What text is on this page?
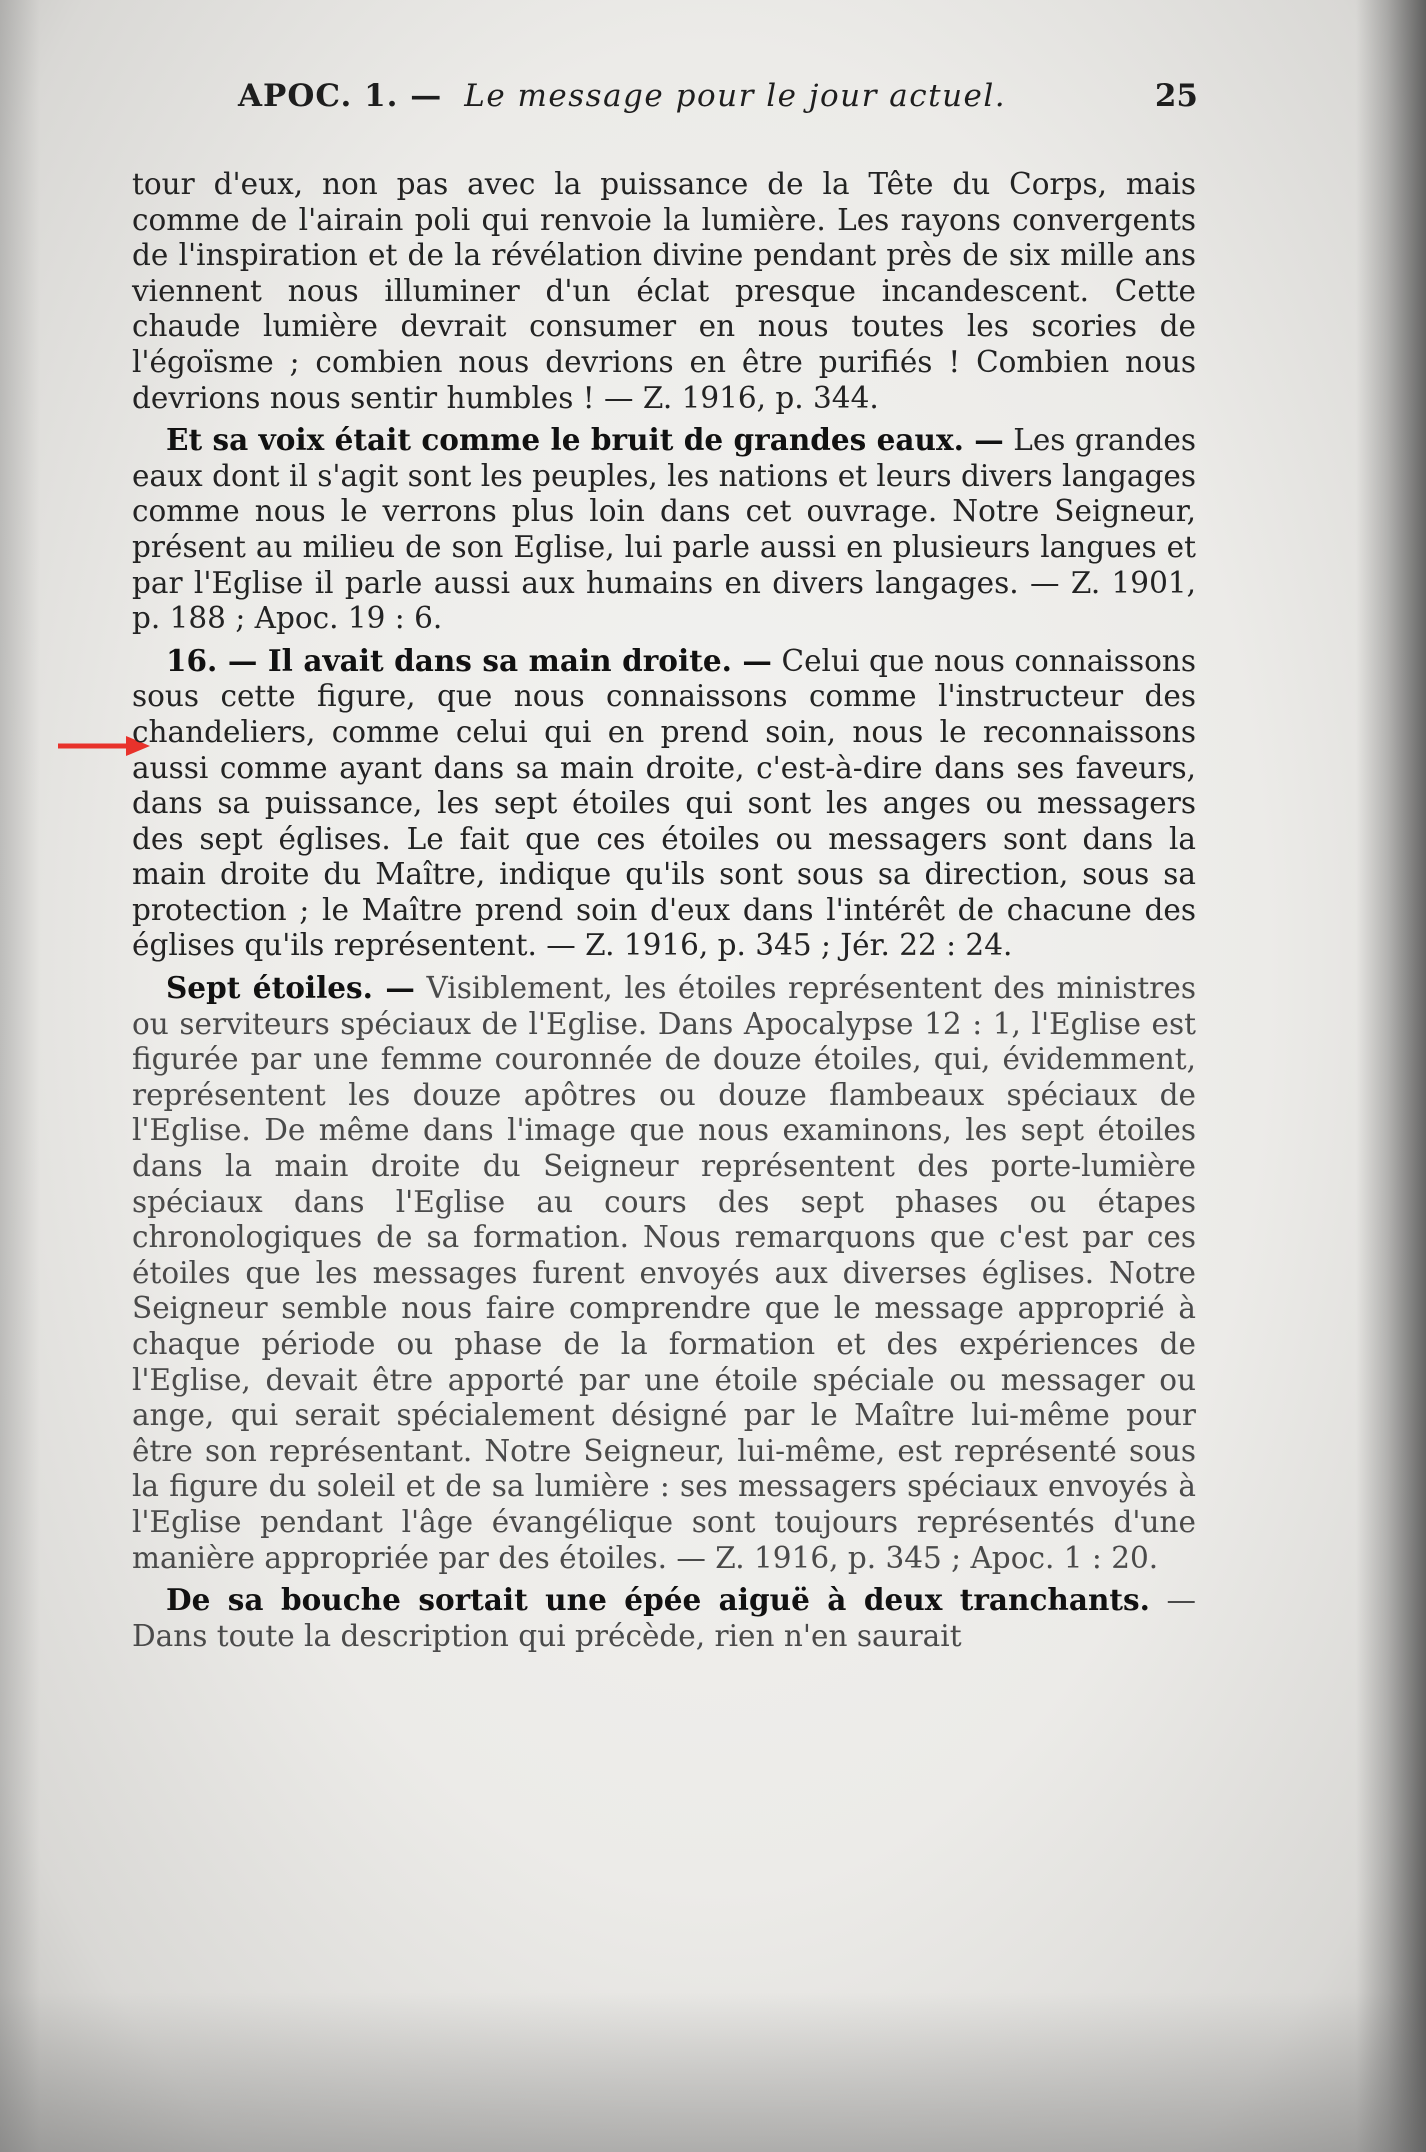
APOC. 1. — Le message pour le jour actuel.	25

tour d'eux, non pas avec la puissance de la Tête du Corps, mais comme de l'airain poli qui renvoie la lumière. Les rayons convergents de l'inspiration et de la révélation divine pendant près de six mille ans viennent nous illuminer d'un éclat presque incandescent. Cette chaude lumière devrait consumer en nous toutes les scories de l'égoïsme ; combien nous devrions en être purifiés ! Combien nous devrions nous sentir humbles ! — Z. 1916, p. 344.

Et sa voix était comme le bruit de grandes eaux. — Les grandes eaux dont il s'agit sont les peuples, les nations et leurs divers langages comme nous le verrons plus loin dans cet ouvrage. Notre Seigneur, présent au milieu de son Eglise, lui parle aussi en plusieurs langues et par l'Eglise il parle aussi aux humains en divers langages. — Z. 1901, p. 188 ; Apoc. 19 : 6.

16. — Il avait dans sa main droite. — Celui que nous connaissons sous cette figure, que nous connaissons comme l'instructeur des chandeliers, comme celui qui en prend soin, nous le reconnaissons aussi comme ayant dans sa main droite, c'est-à-dire dans ses faveurs, dans sa puissance, les sept étoiles qui sont les anges ou messagers des sept églises. Le fait que ces étoiles ou messagers sont dans la main droite du Maître, indique qu'ils sont sous sa direction, sous sa protection ; le Maître prend soin d'eux dans l'intérêt de chacune des églises qu'ils représentent. — Z. 1916, p. 345 ; Jér. 22 : 24.

Sept étoiles. — Visiblement, les étoiles représentent des ministres ou serviteurs spéciaux de l'Eglise. Dans Apocalypse 12 : 1, l'Eglise est figurée par une femme couronnée de douze étoiles, qui, évidemment, représentent les douze apôtres ou douze flambeaux spéciaux de l'Eglise. De même dans l'image que nous examinons, les sept étoiles dans la main droite du Seigneur représentent des porte-lumière spéciaux dans l'Eglise au cours des sept phases ou étapes chronologiques de sa formation. Nous remarquons que c'est par ces étoiles que les messages furent envoyés aux diverses églises. Notre Seigneur semble nous faire comprendre que le message approprié à chaque période ou phase de la formation et des expériences de l'Eglise, devait être apporté par une étoile spéciale ou messager ou ange, qui serait spécialement désigné par le Maître lui-même pour être son représentant. Notre Seigneur, lui-même, est représenté sous la figure du soleil et de sa lumière : ses messagers spéciaux envoyés à l'Eglise pendant l'âge évangélique sont toujours représentés d'une manière appropriée par des étoiles. — Z. 1916, p. 345 ; Apoc. 1 : 20.

De sa bouche sortait une épée aiguë à deux tranchants. — Dans toute la description qui précède, rien n'en saurait
